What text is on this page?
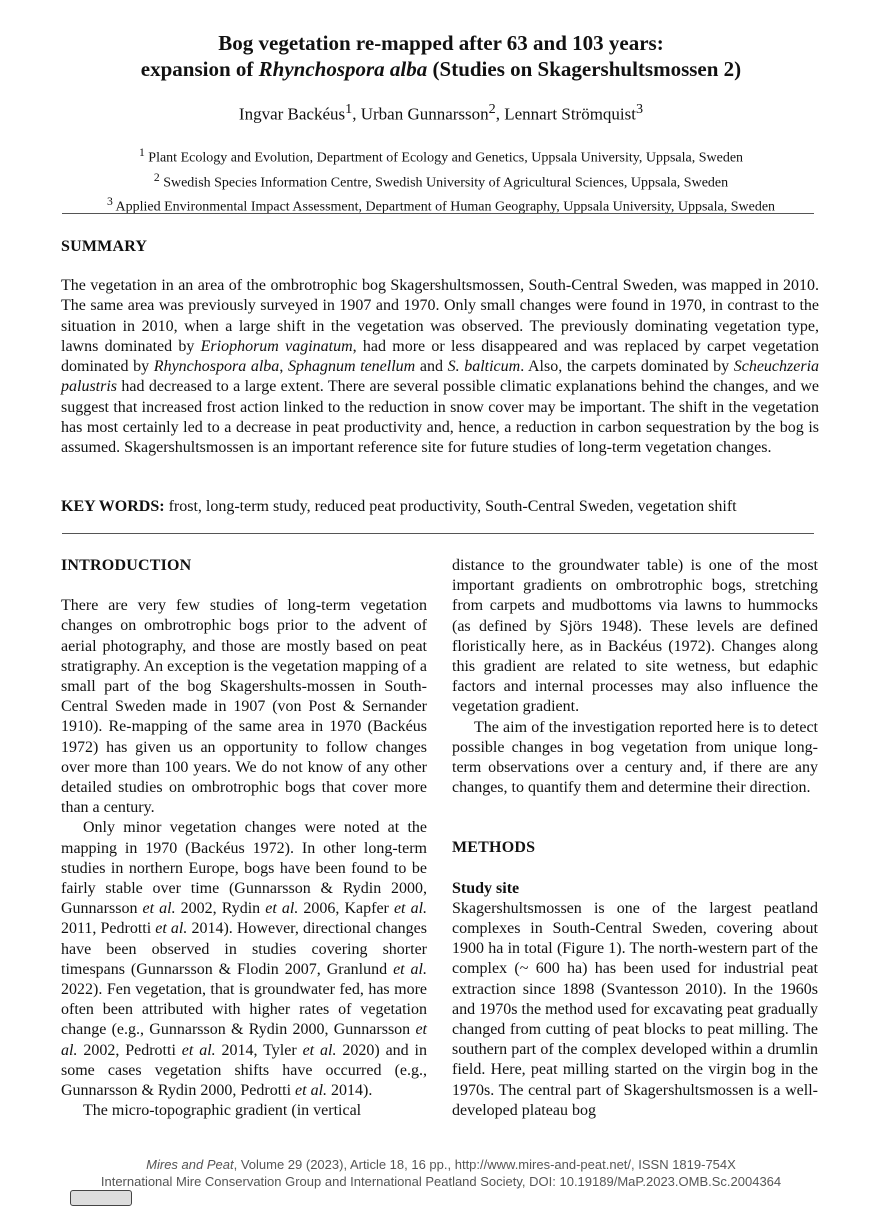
Bog vegetation re-mapped after 63 and 103 years:
expansion of Rhynchospora alba (Studies on Skagershultsmossen 2)
Ingvar Backéus$^1$, Urban Gunnarsson$^2$, Lennart Strömquist$^3$
$^1$ Plant Ecology and Evolution, Department of Ecology and Genetics, Uppsala University, Uppsala, Sweden
$^2$ Swedish Species Information Centre, Swedish University of Agricultural Sciences, Uppsala, Sweden
$^3$ Applied Environmental Impact Assessment, Department of Human Geography, Uppsala University, Uppsala, Sweden
SUMMARY
The vegetation in an area of the ombrotrophic bog Skagershultsmossen, South-Central Sweden, was mapped in 2010. The same area was previously surveyed in 1907 and 1970. Only small changes were found in 1970, in contrast to the situation in 2010, when a large shift in the vegetation was observed. The previously dominating vegetation type, lawns dominated by Eriophorum vaginatum, had more or less disappeared and was replaced by carpet vegetation dominated by Rhynchospora alba, Sphagnum tenellum and S. balticum. Also, the carpets dominated by Scheuchzeria palustris had decreased to a large extent. There are several possible climatic explanations behind the changes, and we suggest that increased frost action linked to the reduction in snow cover may be important. The shift in the vegetation has most certainly led to a decrease in peat productivity and, hence, a reduction in carbon sequestration by the bog is assumed. Skagershultsmossen is an important reference site for future studies of long-term vegetation changes.
KEY WORDS: frost, long-term study, reduced peat productivity, South-Central Sweden, vegetation shift

INTRODUCTION

There are very few studies of long-term vegetation changes on ombrotrophic bogs prior to the advent of aerial photography, and those are mostly based on peat stratigraphy. An exception is the vegetation mapping of a small part of the bog Skagershults-mossen in South-Central Sweden made in 1907 (von Post & Sernander 1910). Re-mapping of the same area in 1970 (Backéus 1972) has given us an opportunity to follow changes over more than 100 years. We do not know of any other detailed studies on ombrotrophic bogs that cover more than a century.

Only minor vegetation changes were noted at the mapping in 1970 (Backéus 1972). In other long-term studies in northern Europe, bogs have been found to be fairly stable over time (Gunnarsson & Rydin 2000, Gunnarsson et al. 2002, Rydin et al. 2006, Kapfer et al. 2011, Pedrotti et al. 2014). However, directional changes have been observed in studies covering shorter timespans (Gunnarsson & Flodin 2007, Granlund et al. 2022). Fen vegetation, that is groundwater fed, has more often been attributed with higher rates of vegetation change (e.g., Gunnarsson & Rydin 2000, Gunnarsson et al. 2002, Pedrotti et al. 2014, Tyler et al. 2020) and in some cases vegetation shifts have occurred (e.g., Gunnarsson & Rydin 2000, Pedrotti et al. 2014).

The micro-topographic gradient (in vertical

distance to the groundwater table) is one of the most important gradients on ombrotrophic bogs, stretching from carpets and mudbottoms via lawns to hummocks (as defined by Sjörs 1948). These levels are defined floristically here, as in Backéus (1972). Changes along this gradient are related to site wetness, but edaphic factors and internal processes may also influence the vegetation gradient.

The aim of the investigation reported here is to detect possible changes in bog vegetation from unique long-term observations over a century and, if there are any changes, to quantify them and determine their direction.

METHODS

Study site

Skagershultsmossen is one of the largest peatland complexes in South-Central Sweden, covering about 1900 ha in total (Figure 1). The north-western part of the complex (~ 600 ha) has been used for industrial peat extraction since 1898 (Svantesson 2010). In the 1960s and 1970s the method used for excavating peat gradually changed from cutting of peat blocks to peat milling. The southern part of the complex developed within a drumlin field. Here, peat milling started on the virgin bog in the 1970s. The central part of Skagershultsmossen is a well-developed plateau bog

Mires and Peat, Volume 29 (2023), Article 18, 16 pp., http://www.mires-and-peat.net/, ISSN 1819-754X
International Mire Conservation Group and International Peatland Society, DOI: 10.19189/MaP.2023.OMB.Sc.2004364
